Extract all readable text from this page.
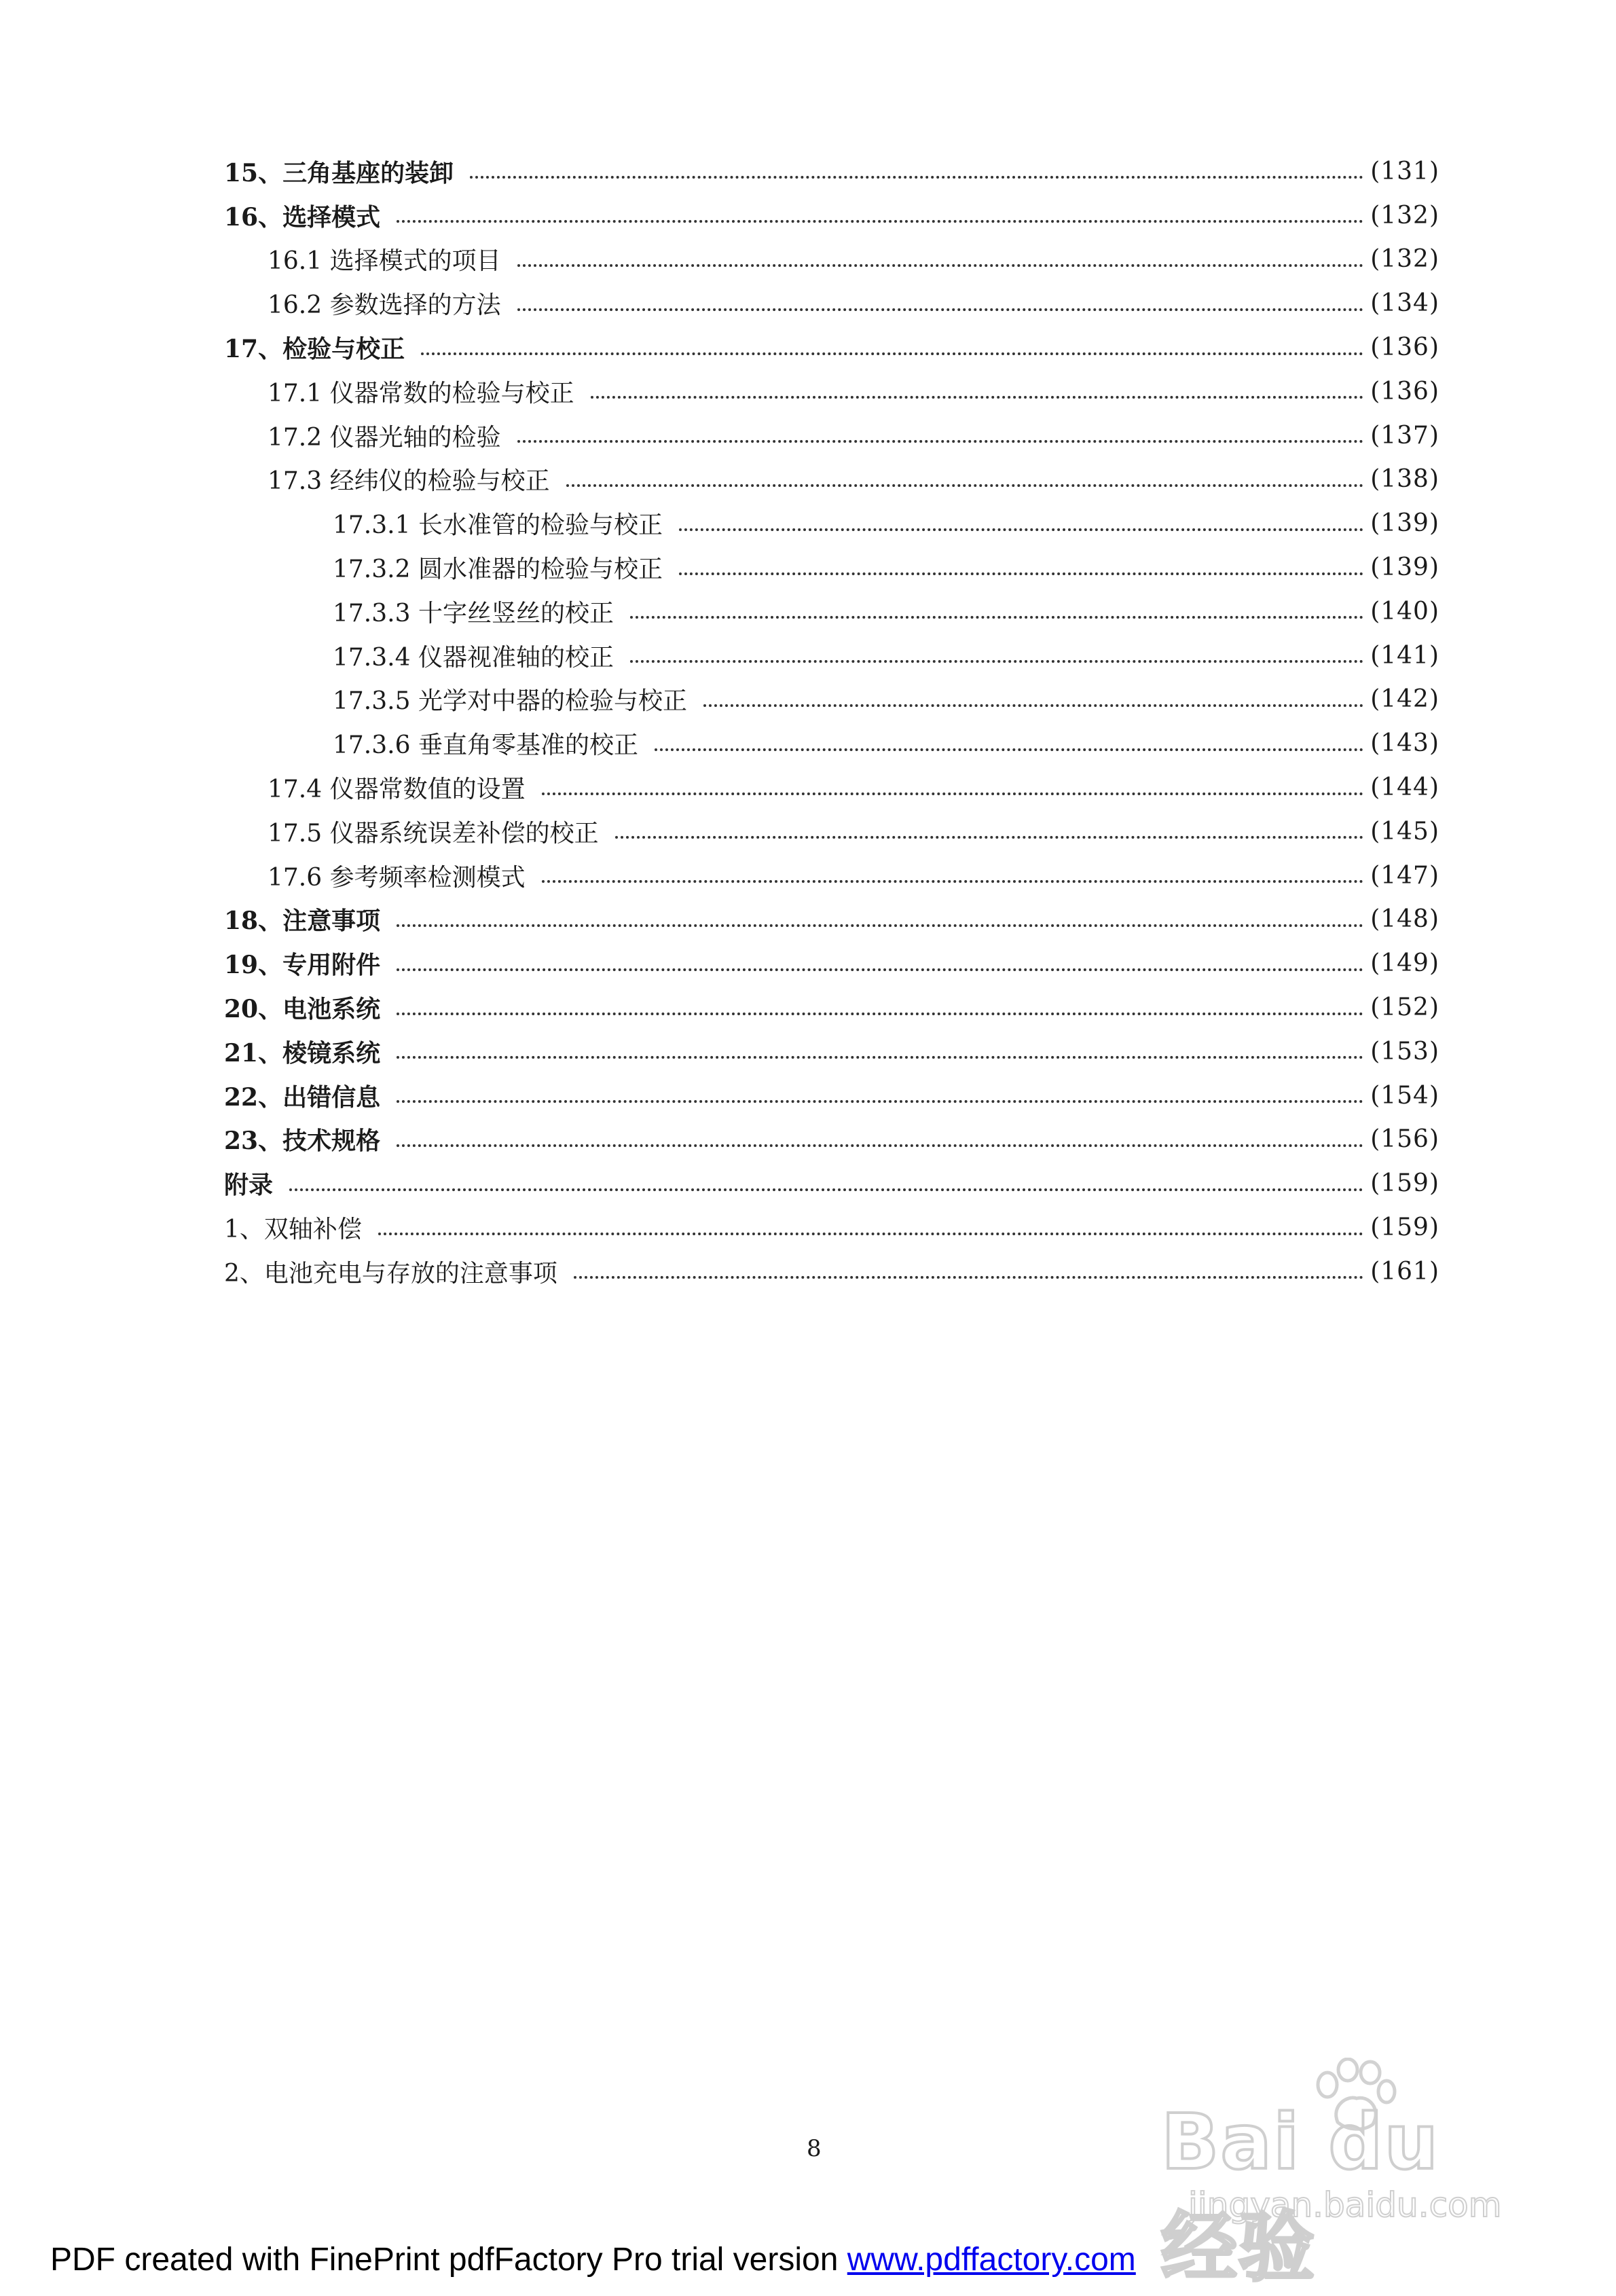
15、三角基座的装卸	(131)
16、选择模式	(132)
16.1 选择模式的项目	(132)
16.2 参数选择的方法	(134)
17、检验与校正	(136)
17.1 仪器常数的检验与校正	(136)
17.2 仪器光轴的检验	(137)
17.3 经纬仪的检验与校正	(138)
17.3.1 长水准管的检验与校正	(139)
17.3.2 圆水准器的检验与校正	(139)
17.3.3 十字丝竖丝的校正	(140)
17.3.4 仪器视准轴的校正	(141)
17.3.5 光学对中器的检验与校正	(142)
17.3.6 垂直角零基准的校正	(143)
17.4 仪器常数值的设置	(144)
17.5 仪器系统误差补偿的校正	(145)
17.6 参考频率检测模式	(147)
18、注意事项	(148)
19、专用附件	(149)
20、电池系统	(152)
21、棱镜系统	(153)
22、出错信息	(154)
23、技术规格	(156)
附录	(159)
1、双轴补偿	(159)
2、电池充电与存放的注意事项	(161)
8	Bai du 经验
jingyan.baidu.com
PDF created with FinePrint pdfFactory Pro trial version www.pdffactory.com
